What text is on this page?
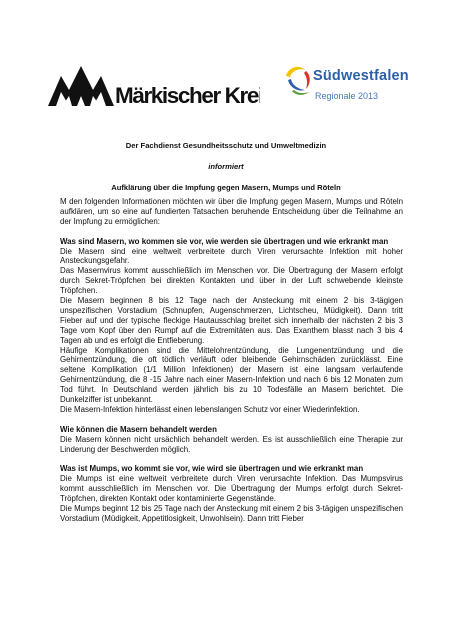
Märkischer Kreis
Südwestfalen
Regionale 2013
Der Fachdienst Gesundheitsschutz und Umweltmedizin
informiert
Aufklärung über die Impfung gegen Masern, Mumps und Röteln

M den folgenden Informationen möchten wir über die Impfung gegen Masern, Mumps und Röteln aufklären, um so eine auf fundierten Tatsachen beruhende Entscheidung über die Teilnahme an der Impfung zu ermöglichen:

Was sind Masern, wo kommen sie vor, wie werden sie übertragen und wie erkrankt man

Die Masern sind eine weltweit verbreitete durch Viren verursachte Infektion mit hoher Ansteckungsgefahr.

Das Masernvirus kommt ausschließlich im Menschen vor. Die Übertragung der Masern erfolgt durch Sekret-Tröpfchen bei direkten Kontakten und über in der Luft schwebende kleinste Tröpfchen.

Die Masern beginnen 8 bis 12 Tage nach der Ansteckung mit einem 2 bis 3-tägigen unspezifischen Vorstadium (Schnupfen, Augenschmerzen, Lichtscheu, Müdigkeit). Dann tritt Fieber auf und der typische fleckige Hautausschlag breitet sich innerhalb der nächsten 2 bis 3 Tage vom Kopf über den Rumpf auf die Extremitäten aus. Das Exanthem blasst nach 3 bis 4 Tagen ab und es erfolgt die Entfieberung.

Häufige Komplikationen sind die Mittelohrentzündung, die Lungenentzündung und die Gehirnentzündung, die oft tödlich verläuft oder bleibende Gehirnschäden zurücklässt. Eine seltene Komplikation (1/1 Million Infektionen) der Masern ist eine langsam verlaufende Gehirnentzündung, die 8 -15 Jahre nach einer Masern-Infektion und nach 6 bis 12 Monaten zum Tod führt. In Deutschland werden jährlich bis zu 10 Todesfälle an Masern berichtet. Die Dunkelziffer ist unbekannt.

Die Masern-Infektion hinterlässt einen lebenslangen Schutz vor einer Wiederinfektion.

Wie können die Masern behandelt werden

Die Masern können nicht ursächlich behandelt werden. Es ist ausschließlich eine Therapie zur Linderung der Beschwerden möglich.

Was ist Mumps, wo kommt sie vor, wie wird sie übertragen und wie erkrankt man

Die Mumps ist eine weltweit verbreitete durch Viren verursachte Infektion. Das Mumpsvirus kommt ausschließlich im Menschen vor. Die Übertragung der Mumps erfolgt durch Sekret-Tröpfchen, direkten Kontakt oder kontaminierte Gegenstände.

Die Mumps beginnt 12 bis 25 Tage nach der Ansteckung mit einem 2 bis 3-tägigen unspezifischen Vorstadium (Müdigkeit, Appetitlosigkeit, Unwohlsein). Dann tritt Fieber
